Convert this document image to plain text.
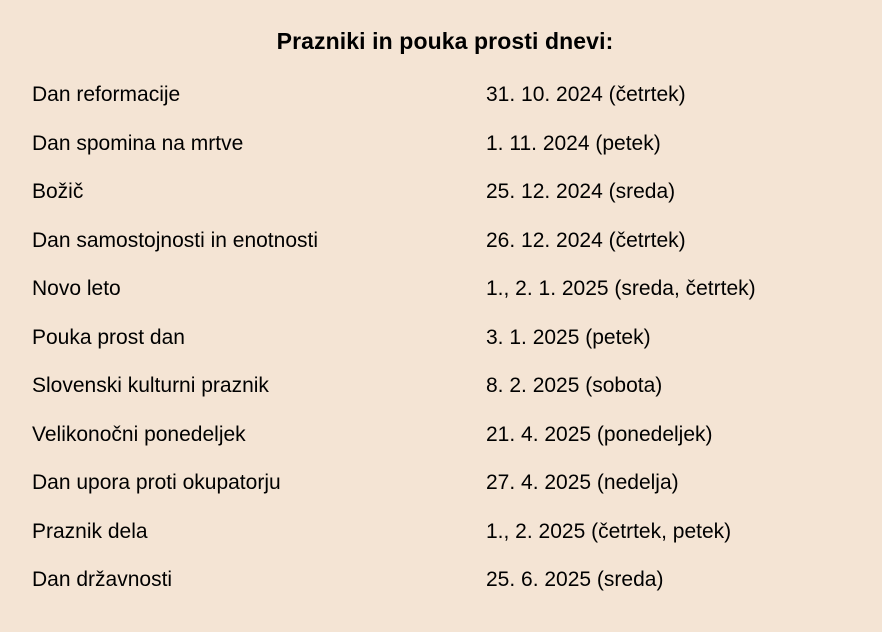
Prazniki in pouka prosti dnevi:
Dan reformacije	31. 10. 2024 (četrtek)
Dan spomina na mrtve	1. 11. 2024 (petek)
Božič	25. 12. 2024 (sreda)
Dan samostojnosti in enotnosti	26. 12. 2024 (četrtek)
Novo leto	1., 2. 1. 2025 (sreda, četrtek)
Pouka prost dan	3. 1. 2025 (petek)
Slovenski kulturni praznik	8. 2. 2025 (sobota)
Velikonočni ponedeljek	21. 4. 2025 (ponedeljek)
Dan upora proti okupatorju	27. 4. 2025 (nedelja)
Praznik dela	1., 2. 2025 (četrtek, petek)
Dan državnosti	25. 6. 2025 (sreda)
